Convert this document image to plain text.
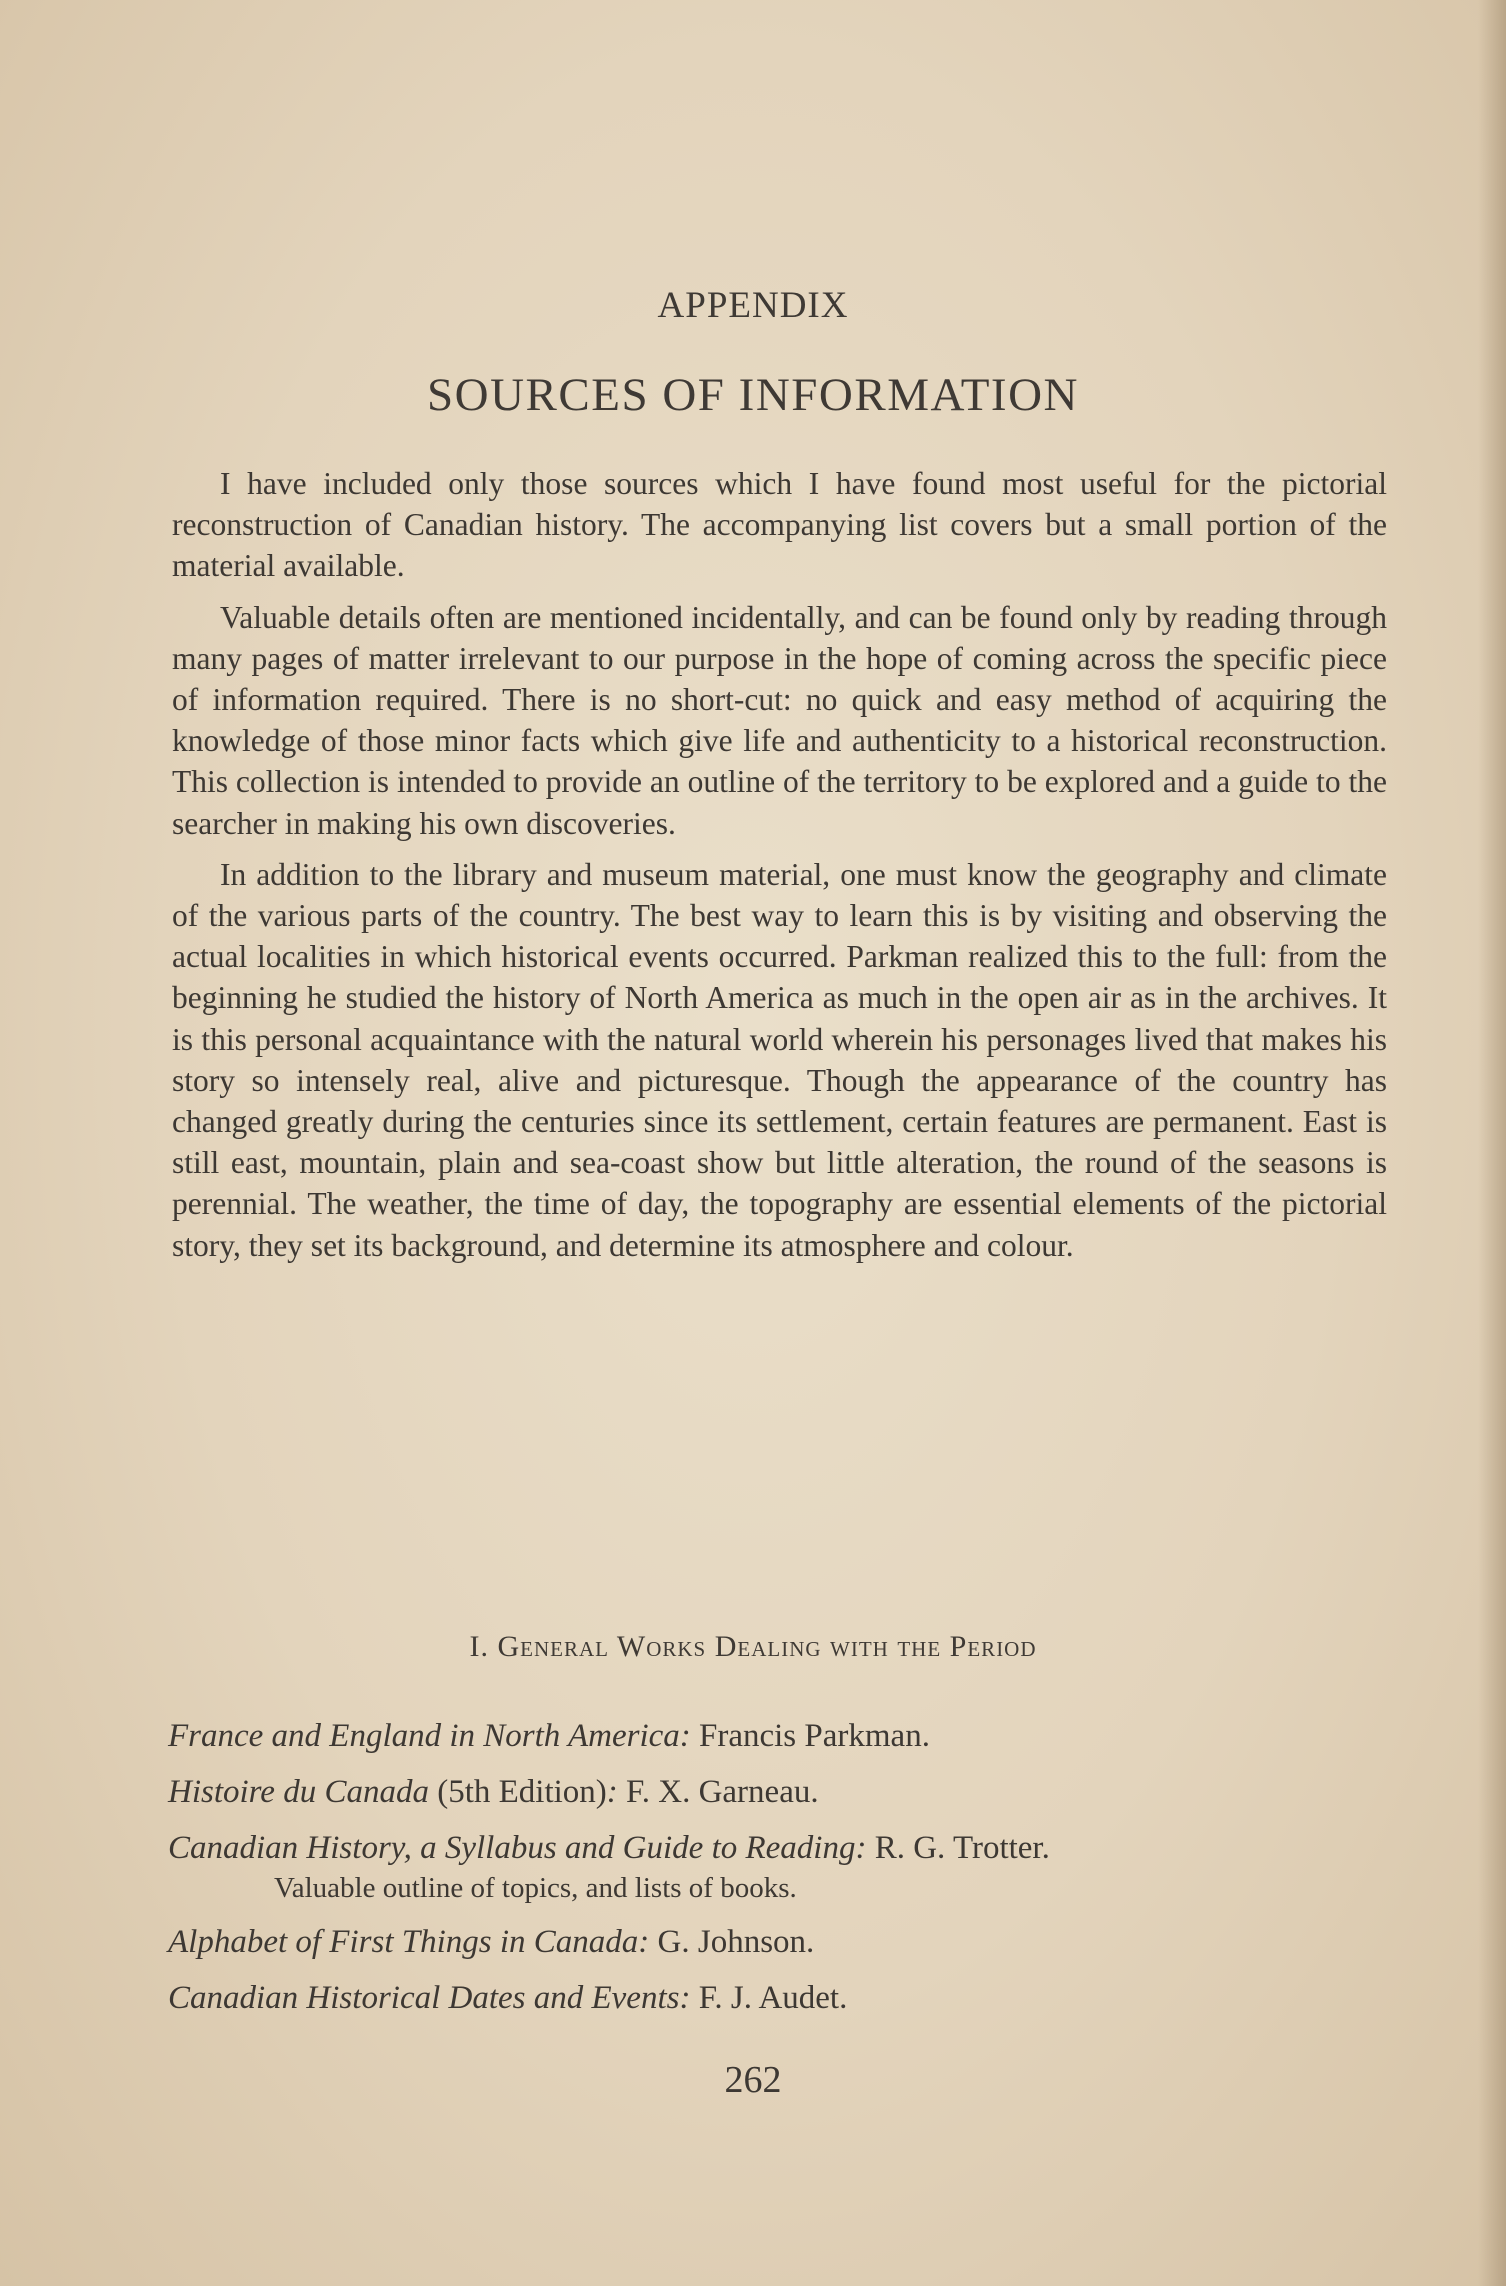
APPENDIX
SOURCES OF INFORMATION

I have included only those sources which I have found most useful for the pictorial reconstruction of Canadian history. The accompanying list covers but a small portion of the material available.

Valuable details often are mentioned incidentally, and can be found only by reading through many pages of matter irrelevant to our purpose in the hope of coming across the specific piece of information required. There is no short-cut: no quick and easy method of acquiring the knowledge of those minor facts which give life and authenticity to a historical reconstruction. This collection is intended to provide an outline of the territory to be explored and a guide to the searcher in making his own discoveries.

In addition to the library and museum material, one must know the geography and climate of the various parts of the country. The best way to learn this is by visiting and observing the actual localities in which historical events occurred. Parkman realized this to the full: from the beginning he studied the history of North America as much in the open air as in the archives. It is this personal acquaintance with the natural world wherein his personages lived that makes his story so intensely real, alive and picturesque. Though the appearance of the country has changed greatly during the centuries since its settlement, certain features are permanent. East is still east, mountain, plain and sea-coast show but little alteration, the round of the seasons is perennial. The weather, the time of day, the topography are essential elements of the pictorial story, they set its background, and determine its atmosphere and colour.

I. General Works Dealing with the Period
France and England in North America: Francis Parkman.
Histoire du Canada (5th Edition): F. X. Garneau.
Canadian History, a Syllabus and Guide to Reading: R. G. Trotter.
Valuable outline of topics, and lists of books.
Alphabet of First Things in Canada: G. Johnson.
Canadian Historical Dates and Events: F. J. Audet.
262
